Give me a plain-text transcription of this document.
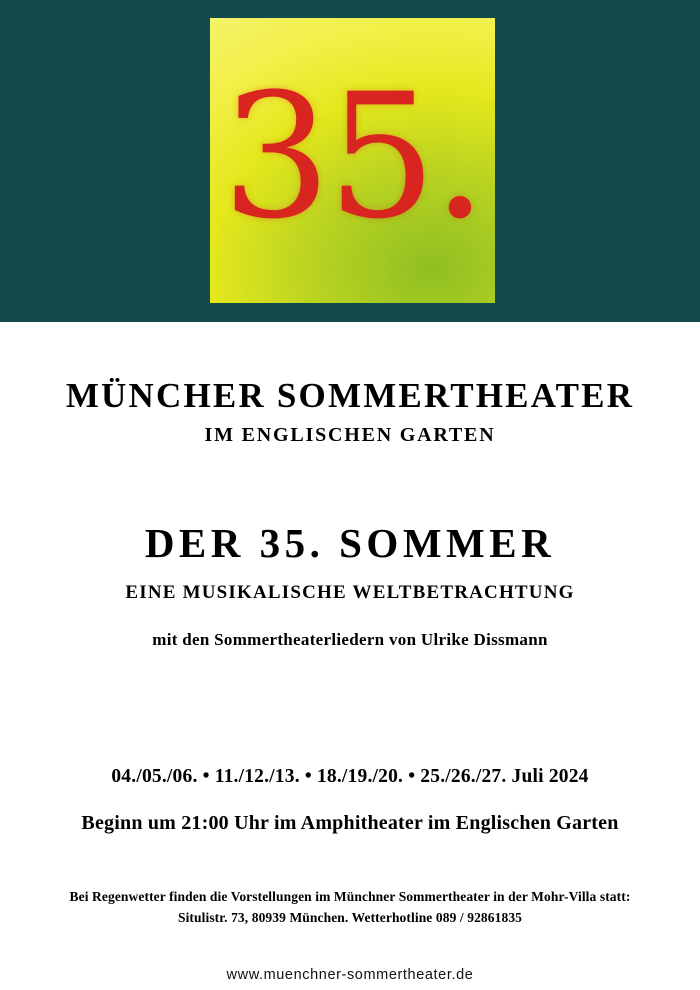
35.
MÜNCHER SOMMERTHEATER
IM ENGLISCHEN GARTEN
DER 35. SOMMER
EINE MUSIKALISCHE WELTBETRACHTUNG

mit den Sommertheaterliedern von Ulrike Dissmann

04./05./06. • 11./12./13. • 18./19./20. • 25./26./27. Juli 2024

Beginn um 21:00 Uhr im Amphitheater im Englischen Garten

Bei Regenwetter finden die Vorstellungen im Münchner Sommertheater in der Mohr-Villa statt:
Situlistr. 73, 80939 München. Wetterhotline 089 / 92861835

www.muenchner-sommertheater.de
